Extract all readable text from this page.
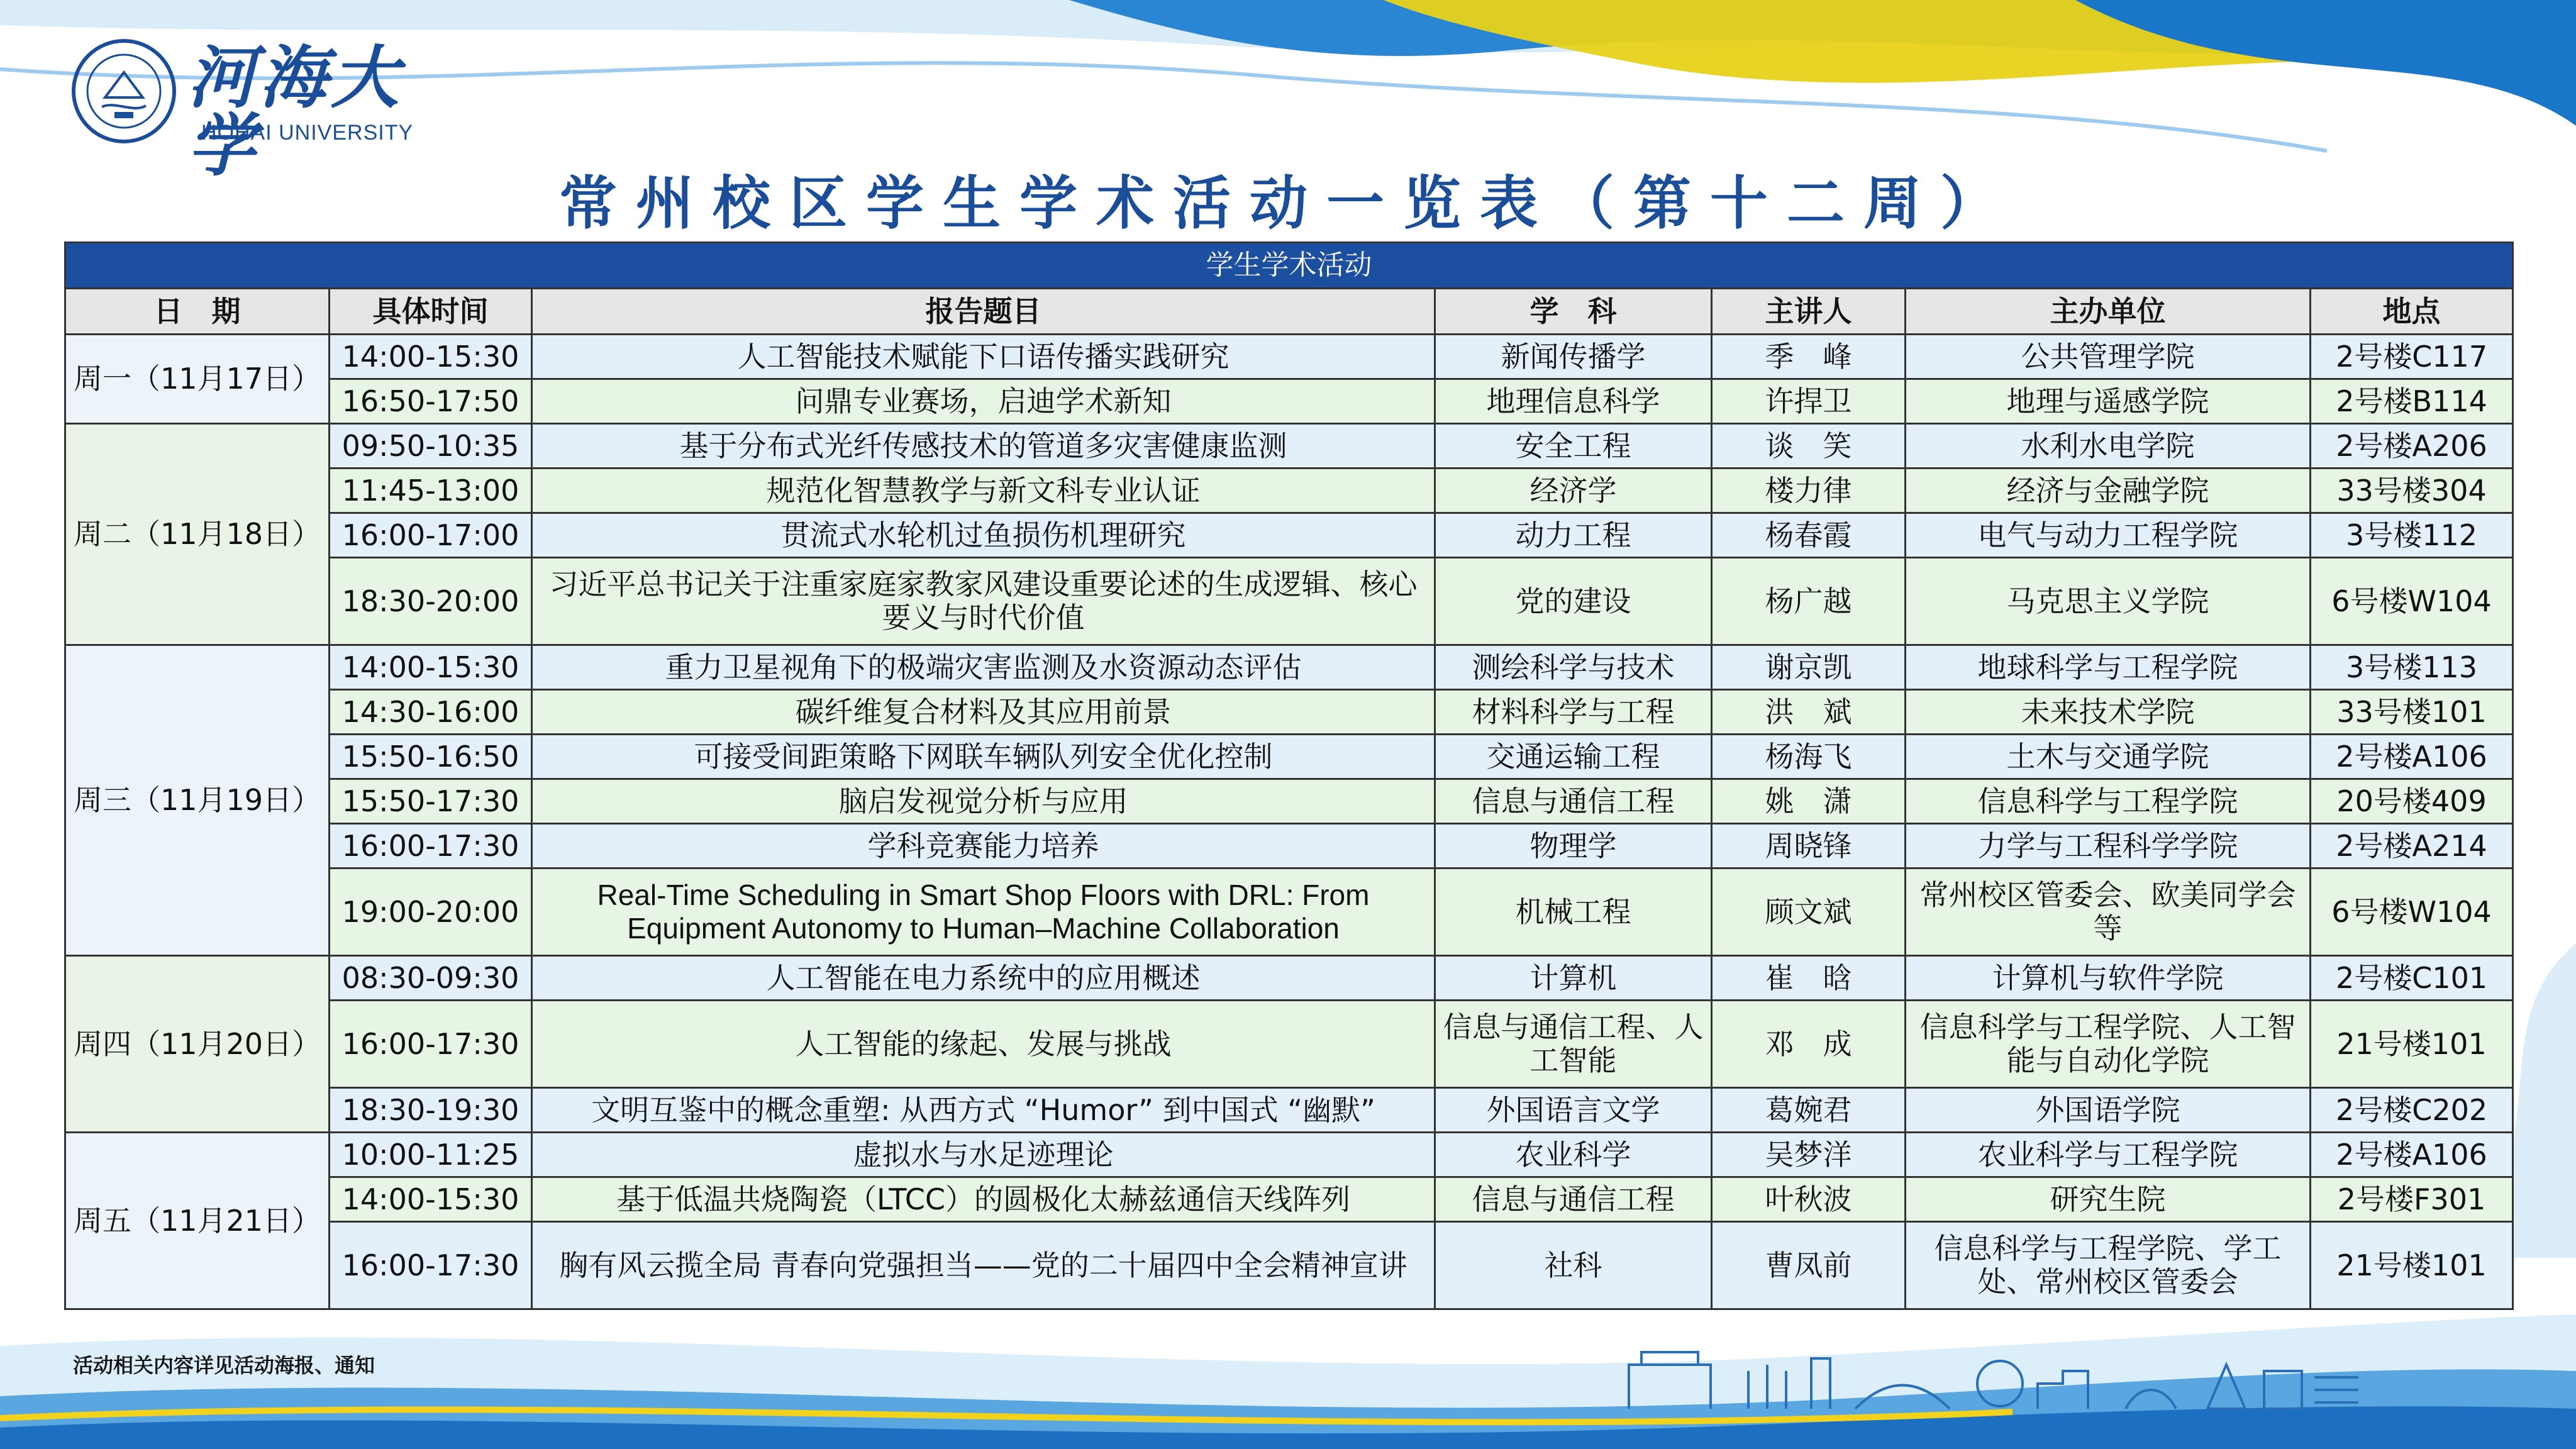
河海大学
HOHAI UNIVERSITY
常州校区学生学术活动一览表（第十二周）
学生学术活动						
日　期	具体时间	报告题目	学　科	主讲人	主办单位	地点
周一（11月17日）	14:00-15:30	人工智能技术赋能下口语传播实践研究	新闻传播学	季　峰	公共管理学院	2号楼C117
	16:50-17:50	问鼎专业赛场，启迪学术新知	地理信息科学	许捍卫	地理与遥感学院	2号楼B114
周二（11月18日）	09:50-10:35	基于分布式光纤传感技术的管道多灾害健康监测	安全工程	谈　笑	水利水电学院	2号楼A206
	11:45-13:00	规范化智慧教学与新文科专业认证	经济学	楼力律	经济与金融学院	33号楼304
	16:00-17:00	贯流式水轮机过鱼损伤机理研究	动力工程	杨春霞	电气与动力工程学院	3号楼112
	18:30-20:00	习近平总书记关于注重家庭家教家风建设重要论述的生成逻辑、核心要义与时代价值	党的建设	杨广越	马克思主义学院	6号楼W104
周三（11月19日）	14:00-15:30	重力卫星视角下的极端灾害监测及水资源动态评估	测绘科学与技术	谢京凯	地球科学与工程学院	3号楼113
	14:30-16:00	碳纤维复合材料及其应用前景	材料科学与工程	洪　斌	未来技术学院	33号楼101
	15:50-16:50	可接受间距策略下网联车辆队列安全优化控制	交通运输工程	杨海飞	土木与交通学院	2号楼A106
	15:50-17:30	脑启发视觉分析与应用	信息与通信工程	姚　潇	信息科学与工程学院	20号楼409
	16:00-17:30	学科竞赛能力培养	物理学	周晓锋	力学与工程科学学院	2号楼A214
	19:00-20:00	Real-Time Scheduling in Smart Shop Floors with DRL: From Equipment Autonomy to Human–Machine Collaboration	机械工程	顾文斌	常州校区管委会、欧美同学会等	6号楼W104
周四（11月20日）	08:30-09:30	人工智能在电力系统中的应用概述	计算机	崔　晗	计算机与软件学院	2号楼C101
	16:00-17:30	人工智能的缘起、发展与挑战	信息与通信工程、人工智能	邓　成	信息科学与工程学院、人工智能与自动化学院	21号楼101
	18:30-19:30	文明互鉴中的概念重塑: 从西方式 “Humor” 到中国式 “幽默”	外国语言文学	葛婉君	外国语学院	2号楼C202
周五（11月21日）	10:00-11:25	虚拟水与水足迹理论	农业科学	吴梦洋	农业科学与工程学院	2号楼A106
	14:00-15:30	基于低温共烧陶瓷（LTCC）的圆极化太赫兹通信天线阵列	信息与通信工程	叶秋波	研究生院	2号楼F301
	16:00-17:30	胸有风云揽全局 青春向党强担当——党的二十届四中全会精神宣讲	社科	曹凤前	信息科学与工程学院、学工处、常州校区管委会	21号楼101
活动相关内容详见活动海报、通知
